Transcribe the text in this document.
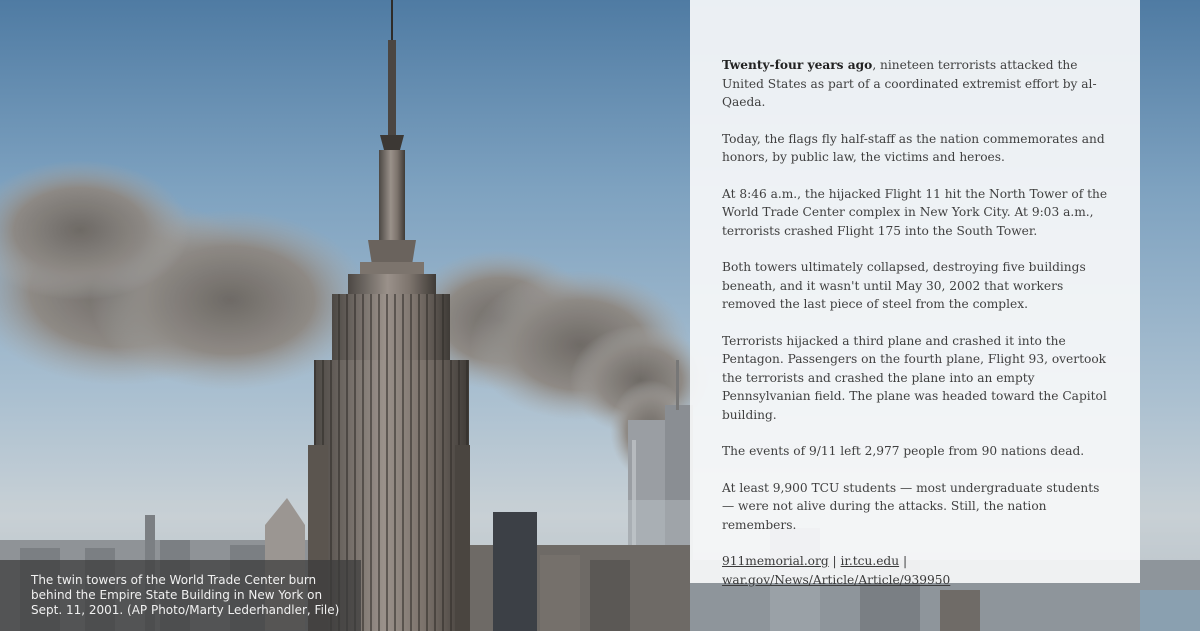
Twenty-four years ago, nineteen terrorists attacked the United States as part of a coordinated extremist effort by al-Qaeda.

Today, the flags fly half-staff as the nation commemorates and honors, by public law, the victims and heroes.

At 8:46 a.m., the hijacked Flight 11 hit the North Tower of the World Trade Center complex in New York City. At 9:03 a.m., terrorists crashed Flight 175 into the South Tower.

Both towers ultimately collapsed, destroying five buildings beneath, and it wasn't until May 30, 2002 that workers removed the last piece of steel from the complex.

Terrorists hijacked a third plane and crashed it into the Pentagon. Passengers on the fourth plane, Flight 93, overtook the terrorists and crashed the plane into an empty Pennsylvanian field. The plane was headed toward the Capitol building.

The events of 9/11 left 2,977 people from 90 nations dead.

At least 9,900 TCU students — most undergraduate students — were not alive during the attacks. Still, the nation remembers.

911memorial.org | ir.tcu.edu | war.gov/News/Article/Article/939950

The twin towers of the World Trade Center burn behind the Empire State Building in New York on Sept. 11, 2001. (AP Photo/Marty Lederhandler, File)
